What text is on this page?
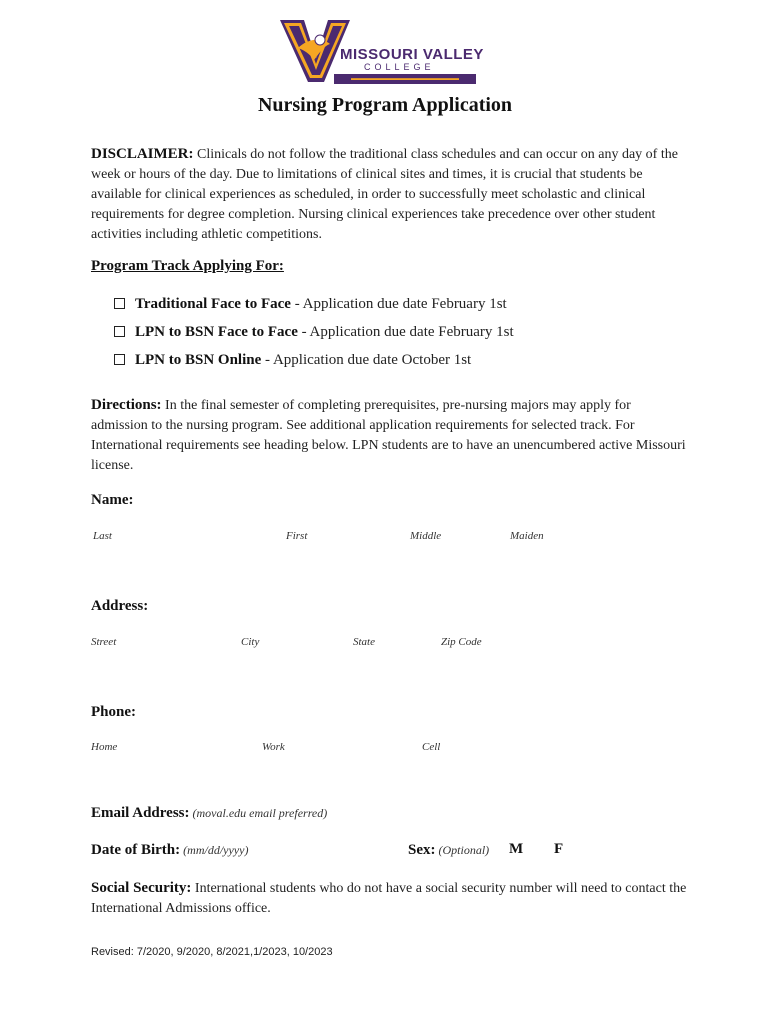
MISSOURI VALLEY
COLLEGE
▬▬▬▬▬▬▬▬▬▬▬▬▬▬▬▬▬▬
Nursing Program Application
DISCLAIMER: Clinicals do not follow the traditional class schedules and can occur on any day of the week or hours of the day. Due to limitations of clinical sites and times, it is crucial that students be available for clinical experiences as scheduled, in order to successfully meet scholastic and clinical requirements for degree completion. Nursing clinical experiences take precedence over other student activities including athletic competitions.
Program Track Applying For:
Traditional Face to Face - Application due date February 1st
LPN to BSN Face to Face - Application due date February 1st
LPN to BSN Online - Application due date October 1st
Directions: In the final semester of completing prerequisites, pre-nursing majors may apply for admission to the nursing program. See additional application requirements for selected track. For International requirements see heading below. LPN students are to have an unencumbered active Missouri license.
Name:
Last	First	Middle	Maiden
Address:
Street	City	State	Zip Code
Phone:
Home	Work	Cell
Email Address: (moval.edu email preferred)
Date of Birth: (mm/dd/yyyy)	Sex: (Optional) M F
Social Security: International students who do not have a social security number will need to contact the International Admissions office.
Revised: 7/2020, 9/2020, 8/2021,1/2023, 10/2023
